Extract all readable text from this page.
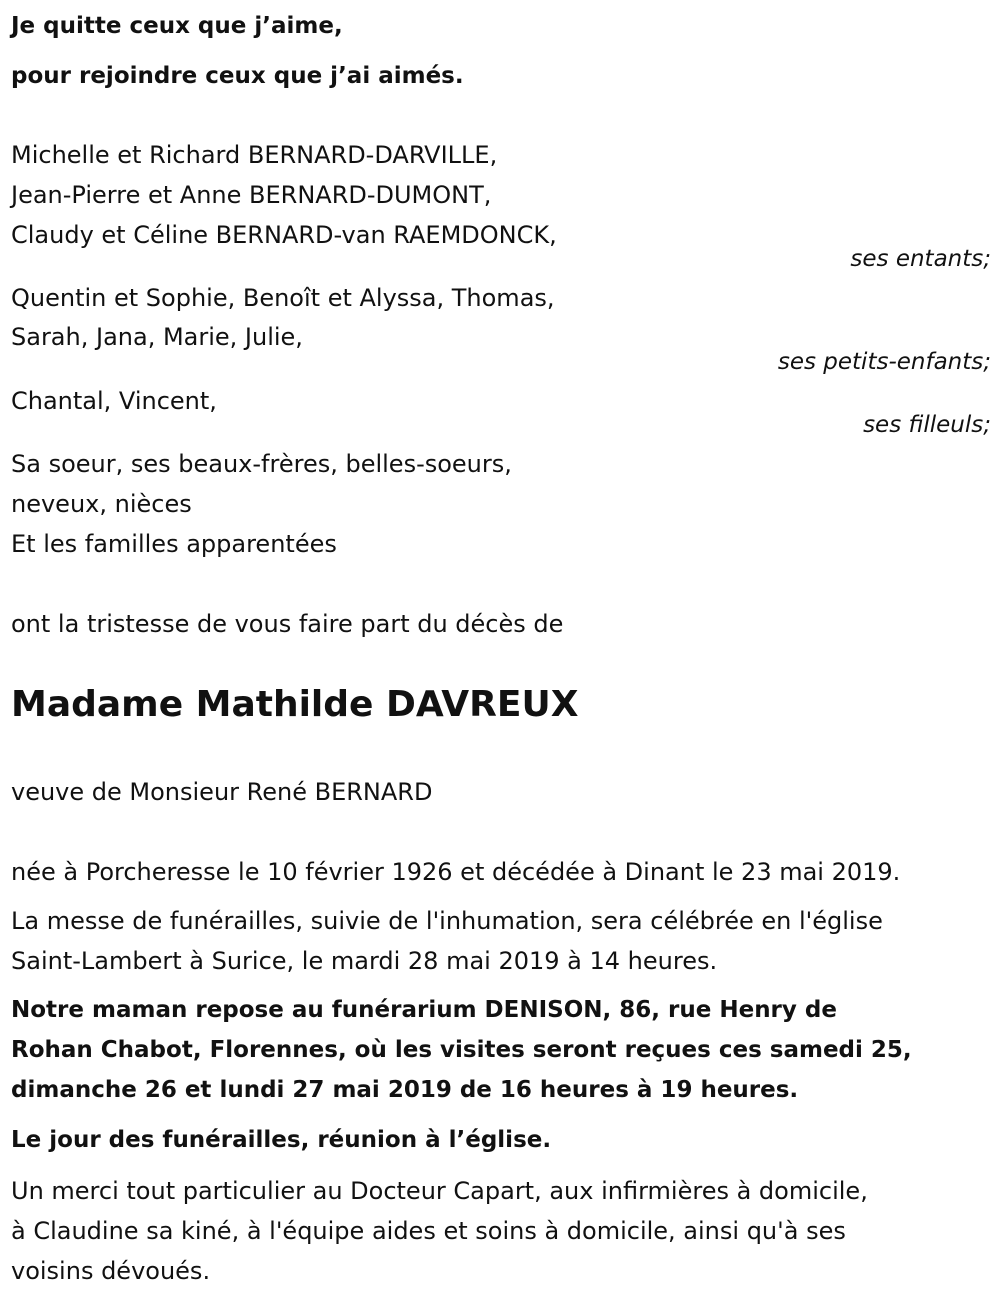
Je quitte ceux que j’aime,
pour rejoindre ceux que j’ai aimés.
Michelle et Richard BERNARD-DARVILLE,
Jean-Pierre et Anne BERNARD-DUMONT,
Claudy et Céline BERNARD-van RAEMDONCK,
ses entants;
Quentin et Sophie, Benoît et Alyssa, Thomas,
Sarah, Jana, Marie, Julie,
ses petits-enfants;
Chantal, Vincent,
ses filleuls;
Sa soeur, ses beaux-frères, belles-soeurs,
neveux, nièces
Et les familles apparentées
ont la tristesse de vous faire part du décès de
Madame Mathilde DAVREUX
veuve de Monsieur René BERNARD
née à Porcheresse le 10 février 1926 et décédée à Dinant le 23 mai 2019.
La messe de funérailles, suivie de l'inhumation, sera célébrée en l'église
Saint-Lambert à Surice, le mardi 28 mai 2019 à 14 heures.
Notre maman repose au funérarium DENISON, 86, rue Henry de
Rohan Chabot, Florennes, où les visites seront reçues ces samedi 25,
dimanche 26 et lundi 27 mai 2019 de 16 heures à 19 heures.
Le jour des funérailles, réunion à l’église.
Un merci tout particulier au Docteur Capart, aux infirmières à domicile,
à Claudine sa kiné, à l'équipe aides et soins à domicile, ainsi qu'à ses
voisins dévoués.
